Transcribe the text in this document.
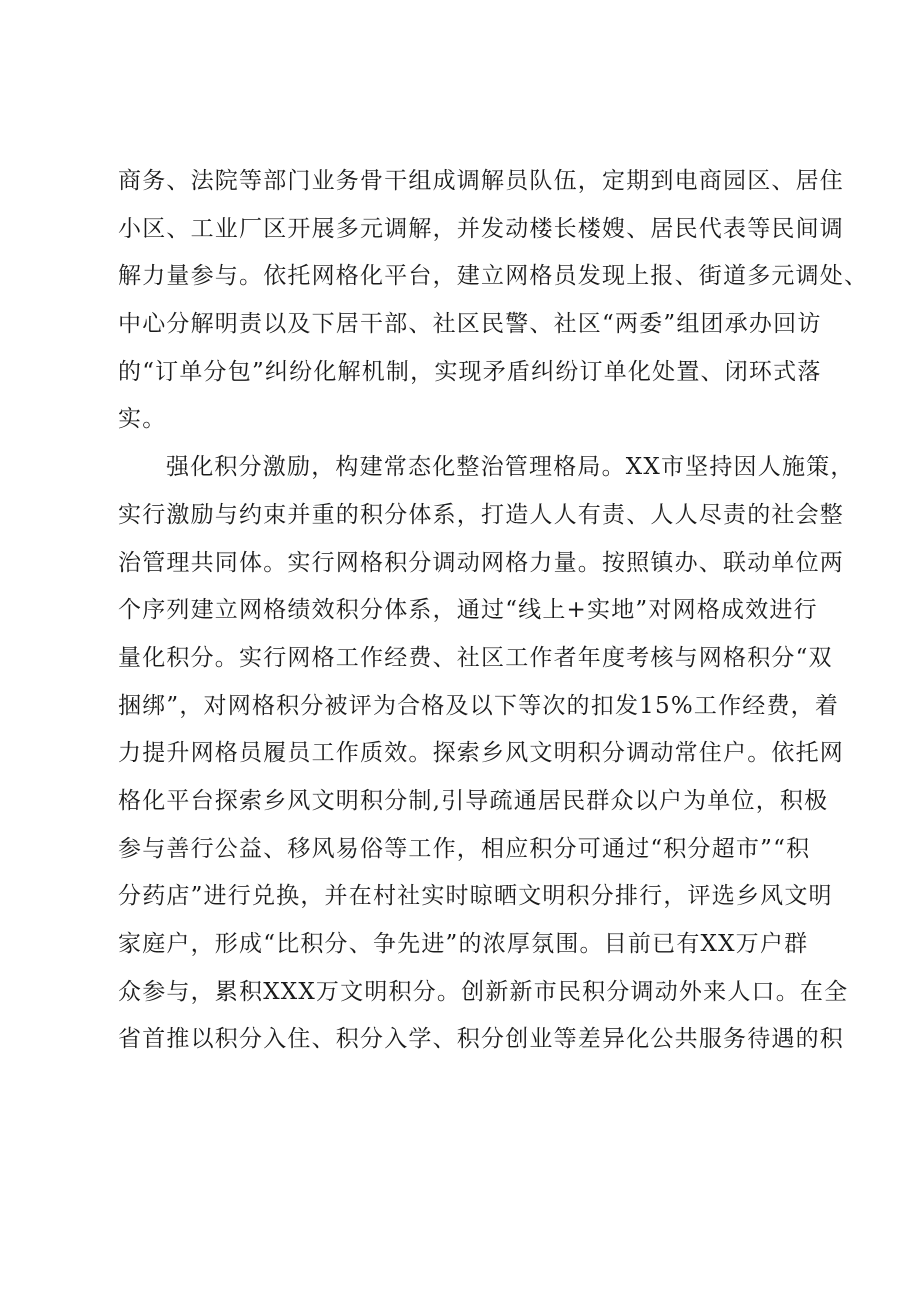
商务、法院等部门业务骨干组成调解员队伍，定期到电商园区、居住
小区、工业厂区开展多元调解，并发动楼长楼嫂、居民代表等民间调
解力量参与。依托网格化平台，建立网格员发现上报、街道多元调处、
中心分解明责以及下居干部、社区民警、社区“两委”组团承办回访
的“订单分包”纠纷化解机制，实现矛盾纠纷订单化处置、闭环式落
实。
强化积分激励，构建常态化整治管理格局。XX市坚持因人施策，
实行激励与约束并重的积分体系，打造人人有责、人人尽责的社会整
治管理共同体。实行网格积分调动网格力量。按照镇办、联动单位两
个序列建立网格绩效积分体系，通过“线上+实地”对网格成效进行
量化积分。实行网格工作经费、社区工作者年度考核与网格积分“双
捆绑”，对网格积分被评为合格及以下等次的扣发15%工作经费，着
力提升网格员履员工作质效。探索乡风文明积分调动常住户。依托网
格化平台探索乡风文明积分制,引导疏通居民群众以户为单位，积极
参与善行公益、移风易俗等工作，相应积分可通过“积分超市”“积
分药店”进行兑换，并在村社实时晾晒文明积分排行，评选乡风文明
家庭户，形成“比积分、争先进”的浓厚氛围。目前已有XX万户群
众参与，累积XXX万文明积分。创新新市民积分调动外来人口。在全
省首推以积分入住、积分入学、积分创业等差异化公共服务待遇的积
